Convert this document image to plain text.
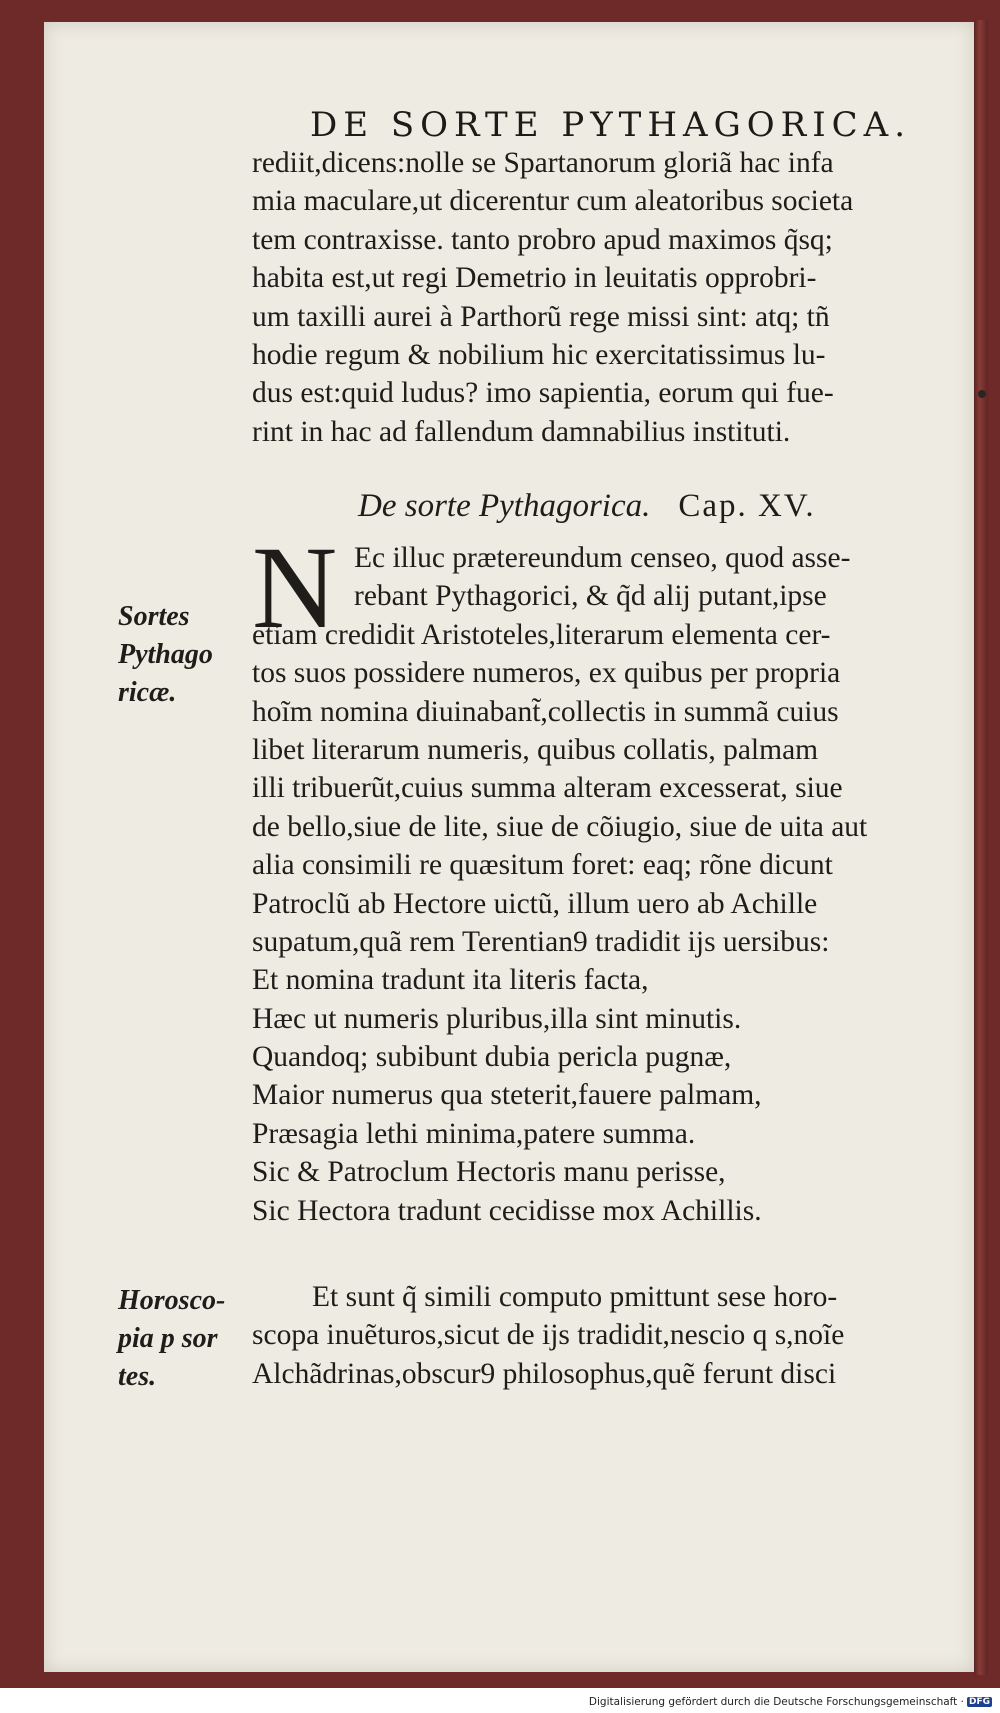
DE SORTE PYTHAGORICA.
rediit,dicens:nolle se Spartanorum gloriã hac infa
mia maculare,ut dicerentur cum aleatoribus societa
tem contraxisse. tanto probro apud maximos q̃sq;
habita est,ut regi Demetrio in leuitatis opprobri-
um taxilli aurei à Parthorũ rege missi sint: atq; tñ
hodie regum & nobilium hic exercitatissimus lu-
dus est:quid ludus? imo sapientia, eorum qui fue-
rint in hac ad fallendum damnabilius instituti.
De sorte Pythagorica. Cap. XV.
N Ec illuc prætereundum censeo, quod asse-
rebant Pythagorici, & q̃d alij putant,ipse
etiam credidit Aristoteles,literarum elementa cer-
tos suos possidere numeros, ex quibus per propria
hoĩm nomina diuinabant̃,collectis in summã cuius
libet literarum numeris, quibus collatis, palmam
illi tribuerũt,cuius summa alteram excesserat, siue
de bello,siue de lite, siue de cõiugio, siue de uita aut
alia consimili re quæsitum foret: eaq; rõne dicunt
Patroclũ ab Hectore uictũ, illum uero ab Achille
supatum,quã rem Terentian9 tradidit ijs uersibus:
Et nomina tradunt ita literis facta,
Hæc ut numeris pluribus,illa sint minutis.
Quandoq; subibunt dubia pericla pugnæ,
Maior numerus qua steterit,fauere palmam,
Præsagia lethi minima,patere summa.
Sic & Patroclum Hectoris manu perisse,
Sic Hectora tradunt cecidisse mox Achillis.
Et sunt q̃ simili computo pmittunt sese horo-
scopa inuẽturos,sicut de ijs tradidit,nescio q s,noĩe
Alchãdrinas,obscur9 philosophus,quẽ ferunt disci
Sortes
Pythago
ricæ.
Horosco-
pia p sor
tes.
Digitalisierung gefördert durch die Deutsche Forschungsgemeinschaft · DFG
